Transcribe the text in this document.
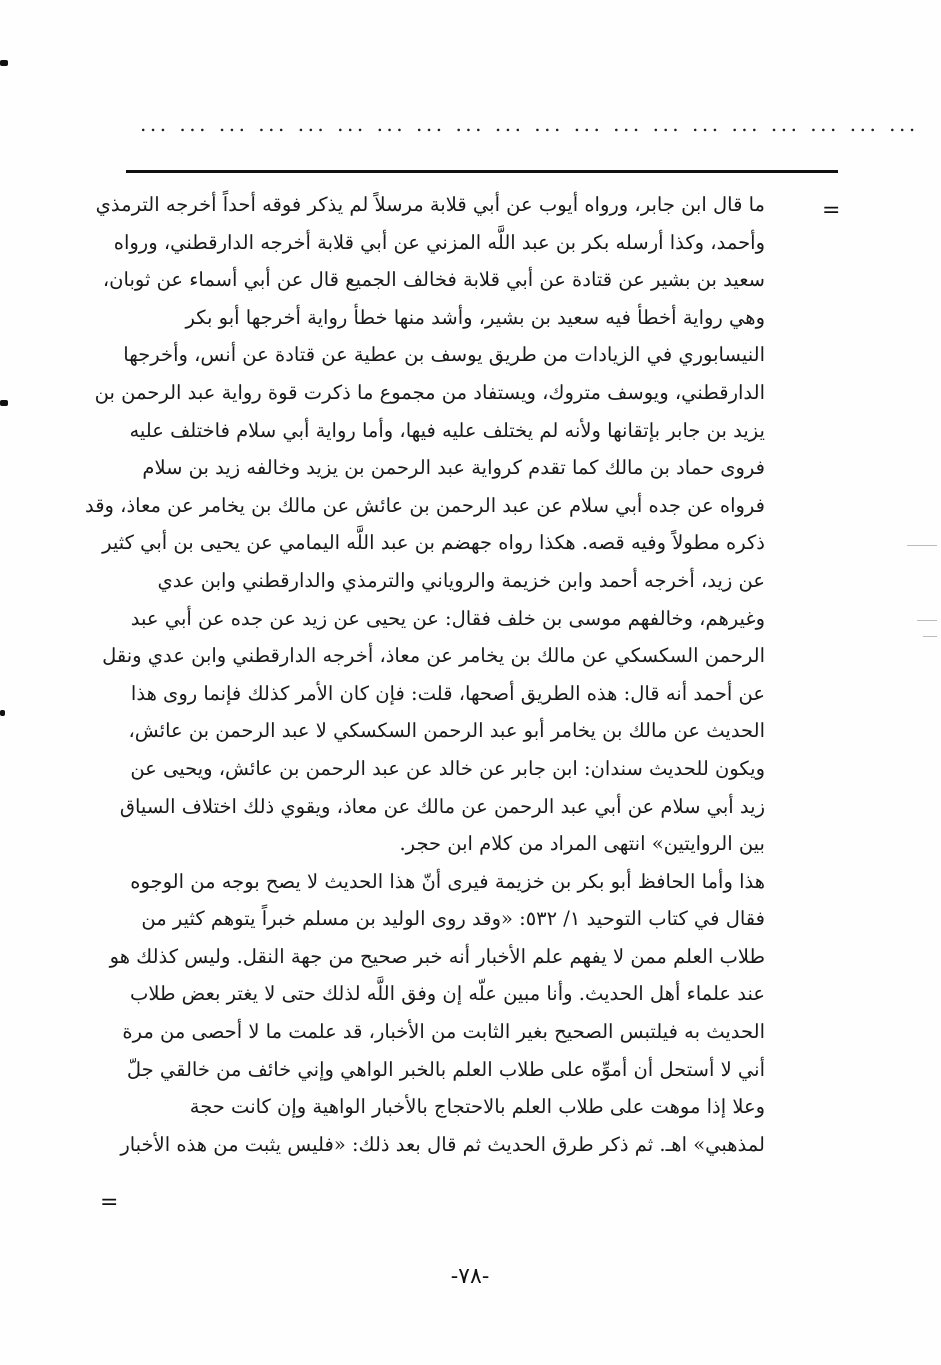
... ... ... ... ... ... ... ... ... ... ... ... ... ... ... ... ... ... ... ...
=
=
ما قال ابن جابر، ورواه أيوب عن أبي قلابة مرسلاً لم يذكر فوقه أحداً أخرجه الترمذي
وأحمد، وكذا أرسله بكر بن عبد اللَّه المزني عن أبي قلابة أخرجه الدارقطني، ورواه
سعيد بن بشير عن قتادة عن أبي قلابة فخالف الجميع قال عن أبي أسماء عن ثوبان،
وهي رواية أخطأ فيه سعيد بن بشير، وأشد منها خطأ رواية أخرجها أبو بكر
النيسابوري في الزيادات من طريق يوسف بن عطية عن قتادة عن أنس، وأخرجها
الدارقطني، ويوسف متروك، ويستفاد من مجموع ما ذكرت قوة رواية عبد الرحمن بن
يزيد بن جابر بإتقانها ولأنه لم يختلف عليه فيها، وأما رواية أبي سلام فاختلف عليه
فروى حماد بن مالك كما تقدم كرواية عبد الرحمن بن يزيد وخالفه زيد بن سلام
فرواه عن جده أبي سلام عن عبد الرحمن بن عائش عن مالك بن يخامر عن معاذ، وقد
ذكره مطولاً وفيه قصه. هكذا رواه جهضم بن عبد اللَّه اليمامي عن يحيى بن أبي كثير
عن زيد، أخرجه أحمد وابن خزيمة والروياني والترمذي والدارقطني وابن عدي
وغيرهم، وخالفهم موسى بن خلف فقال: عن يحيى عن زيد عن جده عن أبي عبد
الرحمن السكسكي عن مالك بن يخامر عن معاذ، أخرجه الدارقطني وابن عدي ونقل
عن أحمد أنه قال: هذه الطريق أصحها، قلت: فإن كان الأمر كذلك فإنما روى هذا
الحديث عن مالك بن يخامر أبو عبد الرحمن السكسكي لا عبد الرحمن بن عائش،
ويكون للحديث سندان: ابن جابر عن خالد عن عبد الرحمن بن عائش، ويحيى عن
زيد أبي سلام عن أبي عبد الرحمن عن مالك عن معاذ، ويقوي ذلك اختلاف السياق
بين الروايتين» انتهى المراد من كلام ابن حجر.
هذا وأما الحافظ أبو بكر بن خزيمة فيرى أنّ هذا الحديث لا يصح بوجه من الوجوه
فقال في كتاب التوحيد ١/ ٥٣٢: «وقد روى الوليد بن مسلم خبراً يتوهم كثير من
طلاب العلم ممن لا يفهم علم الأخبار أنه خبر صحيح من جهة النقل. وليس كذلك هو
عند علماء أهل الحديث. وأنا مبين علّه إن وفق اللَّه لذلك حتى لا يغتر بعض طلاب
الحديث به فيلتبس الصحيح بغير الثابت من الأخبار، قد علمت ما لا أحصى من مرة
أني لا أستحل أن أموِّه على طلاب العلم بالخبر الواهي وإني خائف من خالقي جلّ
وعلا إذا موهت على طلاب العلم بالاحتجاج بالأخبار الواهية وإن كانت حجة
لمذهبي» اهـ. ثم ذكر طرق الحديث ثم قال بعد ذلك: «فليس يثبت من هذه الأخبار
-٧٨-
